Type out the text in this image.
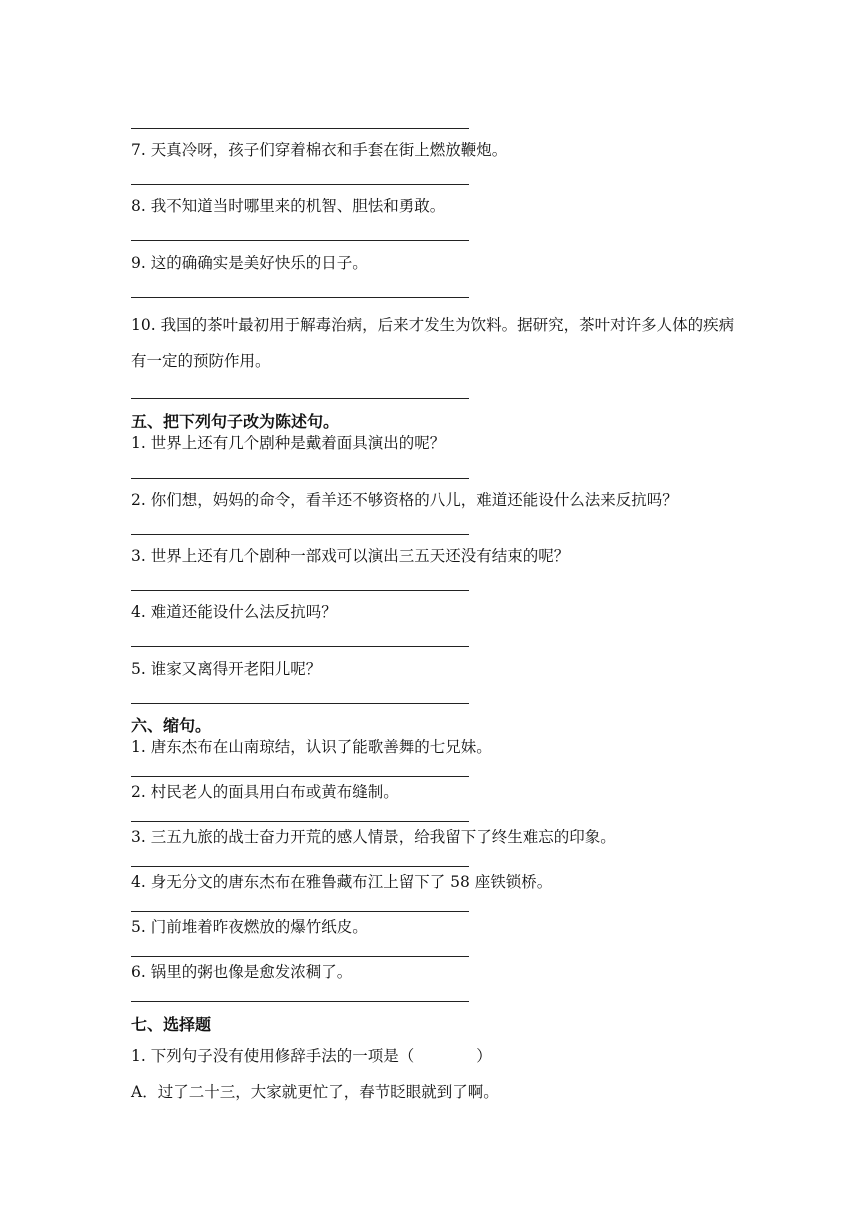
7. 天真冷呀，孩子们穿着棉衣和手套在街上燃放鞭炮。
8. 我不知道当时哪里来的机智、胆怯和勇敢。
9. 这的确确实是美好快乐的日子。
10. 我国的茶叶最初用于解毒治病，后来才发生为饮料。据研究，茶叶对许多人体的疾病有一定的预防作用。
五、把下列句子改为陈述句。
1. 世界上还有几个剧种是戴着面具演出的呢？
2. 你们想，妈妈的命令，看羊还不够资格的八儿，难道还能设什么法来反抗吗？
3. 世界上还有几个剧种一部戏可以演出三五天还没有结束的呢？
4. 难道还能设什么法反抗吗？
5. 谁家又离得开老阳儿呢？
六、缩句。
1. 唐东杰布在山南琼结，认识了能歌善舞的七兄妹。
2. 村民老人的面具用白布或黄布缝制。
3. 三五九旅的战士奋力开荒的感人情景，给我留下了终生难忘的印象。
4. 身无分文的唐东杰布在雅鲁藏布江上留下了 58 座铁锁桥。
5. 门前堆着昨夜燃放的爆竹纸皮。
6. 锅里的粥也像是愈发浓稠了。
七、选择题
1. 下列句子没有使用修辞手法的一项是（　　　　）
A．过了二十三，大家就更忙了，春节眨眼就到了啊。
